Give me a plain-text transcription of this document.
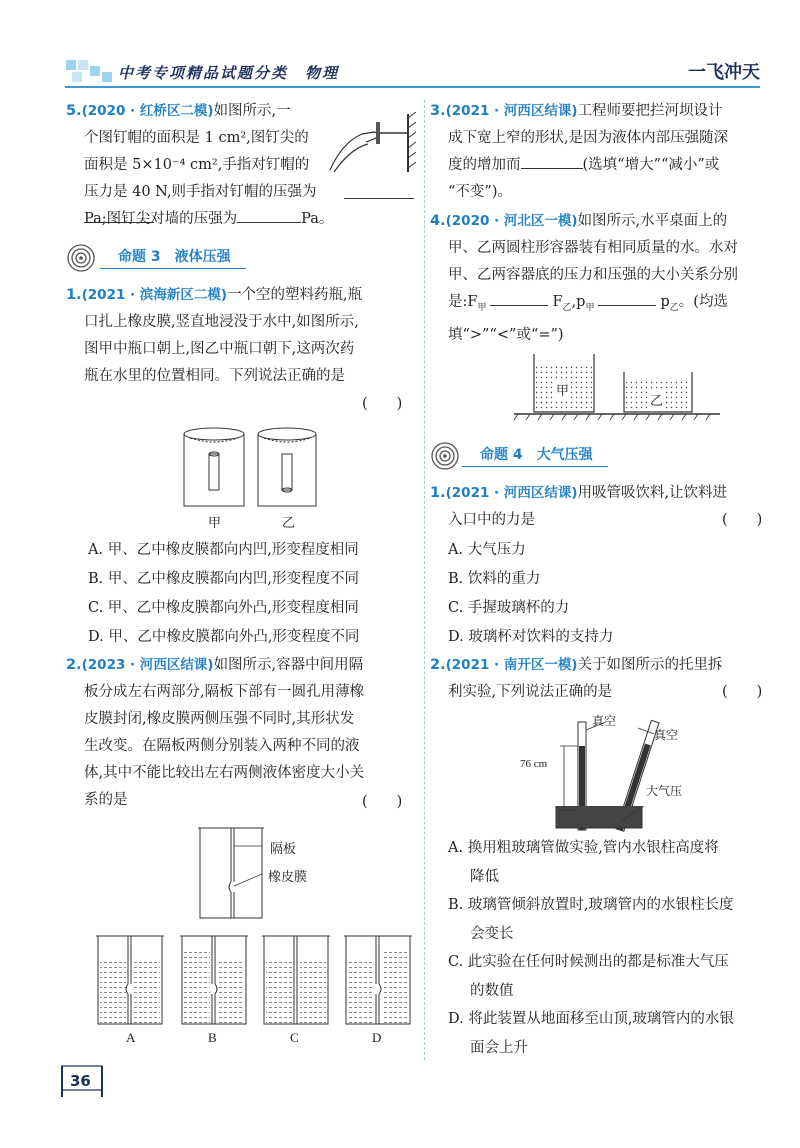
中考专项精品试题分类　物理	一飞冲天
5.(2020 · 红桥区二模)如图所示,一
个图钉帽的面积是 1 cm²,图钉尖的
面积是 5×10⁻⁴ cm²,手指对钉帽的
压力是 40 N,则手指对钉帽的压强为
Pa;图钉尖对墙的压强为	Pa。
命题 3　液体压强
1.(2021 · 滨海新区二模)一个空的塑料药瓶,瓶
口扎上橡皮膜,竖直地浸没于水中,如图所示,
图甲中瓶口朝上,图乙中瓶口朝下,这两次药
瓶在水里的位置相同。下列说法正确的是
(　　)
甲	乙
A. 甲、乙中橡皮膜都向内凹,形变程度相同
B. 甲、乙中橡皮膜都向内凹,形变程度不同
C. 甲、乙中橡皮膜都向外凸,形变程度相同
D. 甲、乙中橡皮膜都向外凸,形变程度不同
2.(2023 · 河西区结课)如图所示,容器中间用隔
板分成左右两部分,隔板下部有一圆孔用薄橡
皮膜封闭,橡皮膜两侧压强不同时,其形状发
生改变。在隔板两侧分别装入两种不同的液
体,其中不能比较出左右两侧液体密度大小关
系的是	(　　)
隔板
橡皮膜
A	B	C	D
36
3.(2021 · 河西区结课)工程师要把拦河坝设计
成下宽上窄的形状,是因为液体内部压强随深
度的增加而	(选填“增大”“减小”或
“不变”)。
4.(2020 · 河北区一模)如图所示,水平桌面上的
甲、乙两圆柱形容器装有相同质量的水。水对
甲、乙两容器底的压力和压强的大小关系分别
是$:F_甲$	$F_乙,p_甲$	$p_乙$。(均选
填“>”“<”或“=”)
甲
乙
命题 4　大气压强
1.(2021 · 河西区结课)用吸管吸饮料,让饮料进
入口中的力是	(　　)
A. 大气压力
B. 饮料的重力
C. 手握玻璃杯的力
D. 玻璃杯对饮料的支持力
2.(2021 · 南开区一模)关于如图所示的托里拆
利实验,下列说法正确的是	(　　)
真空
真空
76 cm
大气压
A. 换用粗玻璃管做实验,管内水银柱高度将
降低
B. 玻璃管倾斜放置时,玻璃管内的水银柱长度
会变长
C. 此实验在任何时候测出的都是标准大气压
的数值
D. 将此装置从地面移至山顶,玻璃管内的水银
面会上升
